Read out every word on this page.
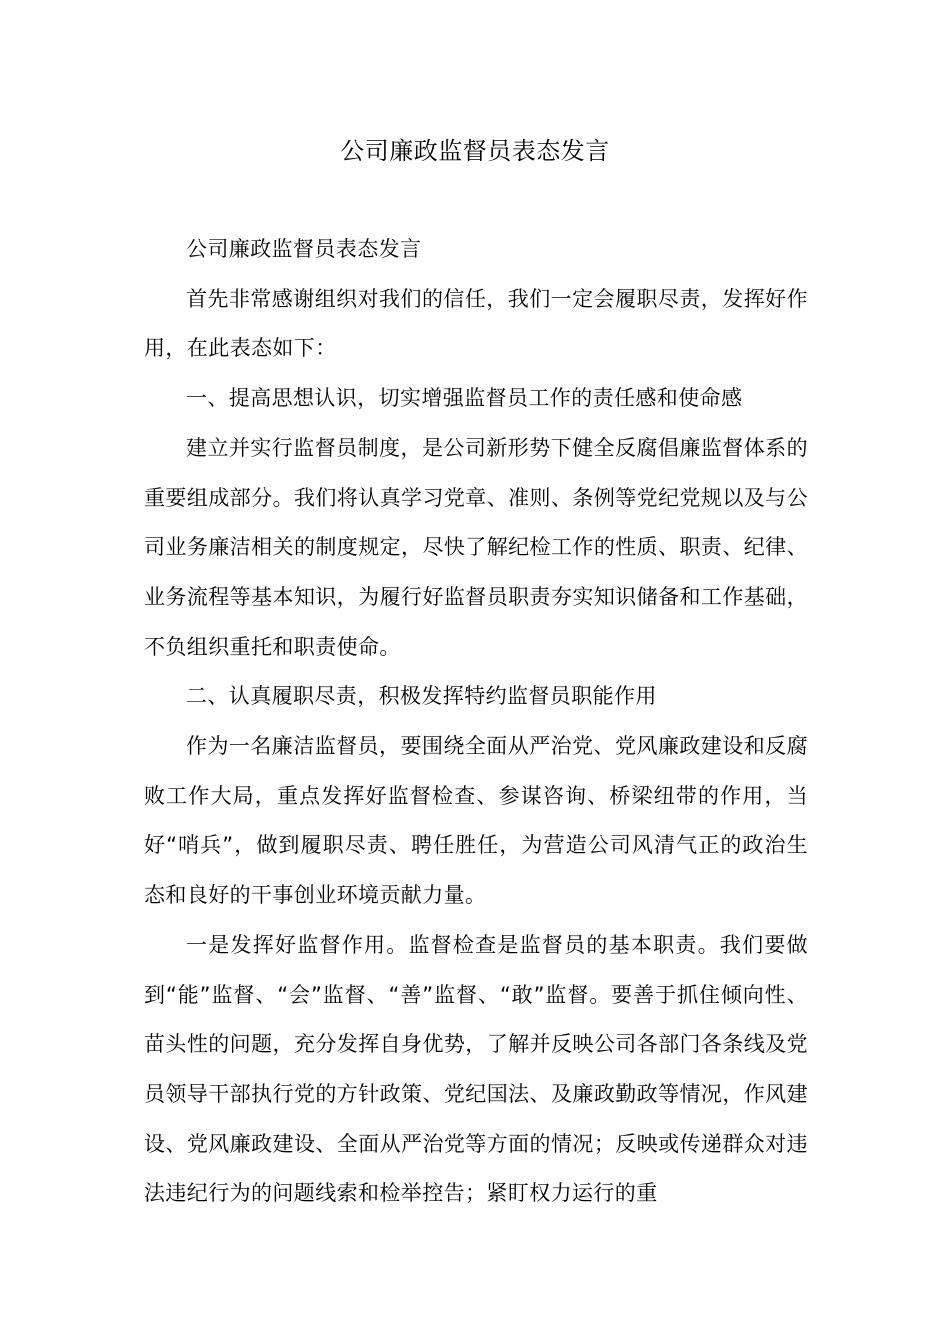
公司廉政监督员表态发言

公司廉政监督员表态发言

首先非常感谢组织对我们的信任，我们一定会履职尽责，发挥好作用，在此表态如下：

一、提高思想认识，切实增强监督员工作的责任感和使命感

建立并实行监督员制度，是公司新形势下健全反腐倡廉监督体系的重要组成部分。我们将认真学习党章、准则、条例等党纪党规以及与公司业务廉洁相关的制度规定，尽快了解纪检工作的性质、职责、纪律、业务流程等基本知识，为履行好监督员职责夯实知识储备和工作基础，不负组织重托和职责使命。

二、认真履职尽责，积极发挥特约监督员职能作用

作为一名廉洁监督员，要围绕全面从严治党、党风廉政建设和反腐败工作大局，重点发挥好监督检查、参谋咨询、桥梁纽带的作用，当好“哨兵”，做到履职尽责、聘任胜任，为营造公司风清气正的政治生态和良好的干事创业环境贡献力量。

一是发挥好监督作用。监督检查是监督员的基本职责。我们要做到“能”监督、“会”监督、“善”监督、“敢”监督。要善于抓住倾向性、苗头性的问题，充分发挥自身优势，了解并反映公司各部门各条线及党员领导干部执行党的方针政策、党纪国法、及廉政勤政等情况，作风建设、党风廉政建设、全面从严治党等方面的情况；反映或传递群众对违法违纪行为的问题线索和检举控告；紧盯权力运行的重
